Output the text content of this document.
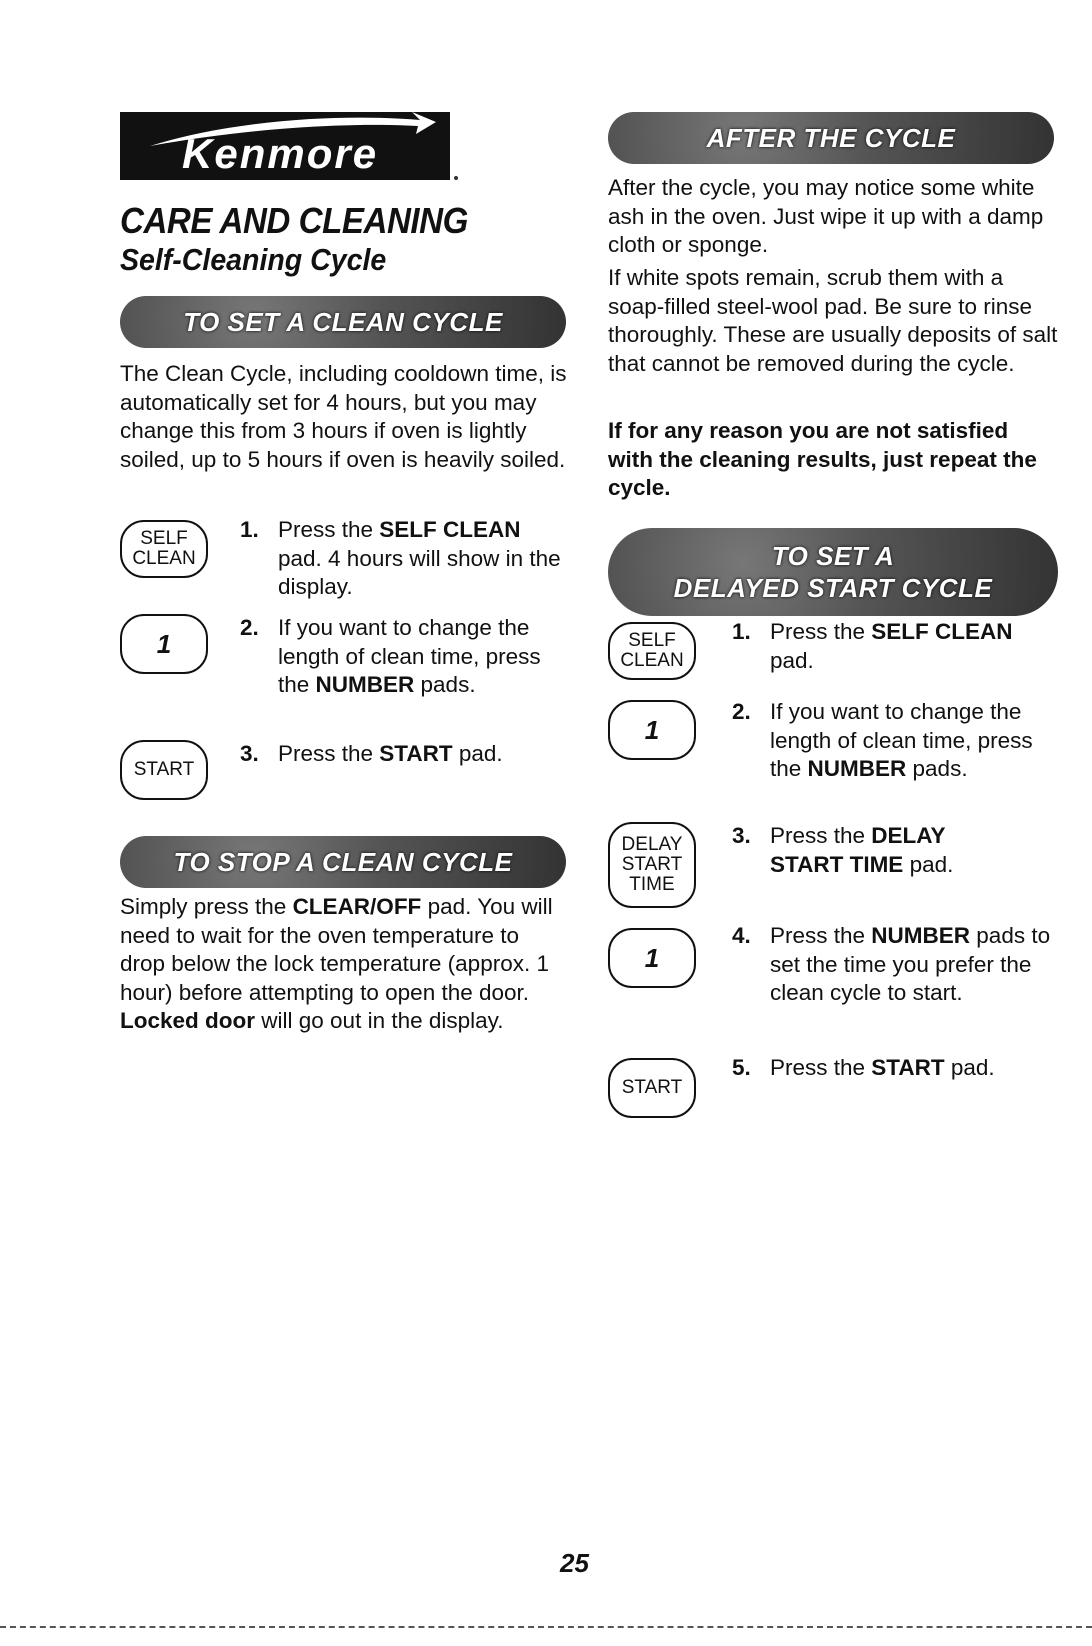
Kenmore
CARE AND CLEANING
Self-Cleaning Cycle
TO SET A CLEAN CYCLE

The Clean Cycle, including cooldown time, is automatically set for 4 hours, but you may change this from 3 hours if oven is lightly soiled, up to 5 hours if oven is heavily soiled.

SELF
CLEAN
1. Press the SELF CLEAN pad. 4 hours will show in the display.
1
2. If you want to change the length of clean time, press the NUMBER pads.
START
3. Press the START pad.
TO STOP A CLEAN CYCLE

Simply press the CLEAR/OFF pad. You will need to wait for the oven temperature to drop below the lock temperature (approx. 1 hour) before attempting to open the door. Locked door will go out in the display.

AFTER THE CYCLE

After the cycle, you may notice some white ash in the oven. Just wipe it up with a damp cloth or sponge.

If white spots remain, scrub them with a soap-filled steel-wool pad. Be sure to rinse thoroughly. These are usually deposits of salt that cannot be removed during the cycle.

If for any reason you are not satisfied with the cleaning results, just repeat the cycle.

TO SET A
DELAYED START CYCLE
SELF
CLEAN
1. Press the SELF CLEAN pad.
1
2. If you want to change the length of clean time, press the NUMBER pads.
DELAY
START
TIME
3. Press the DELAY START TIME pad.
1
4. Press the NUMBER pads to set the time you prefer the clean cycle to start.
START
5. Press the START pad.
25
